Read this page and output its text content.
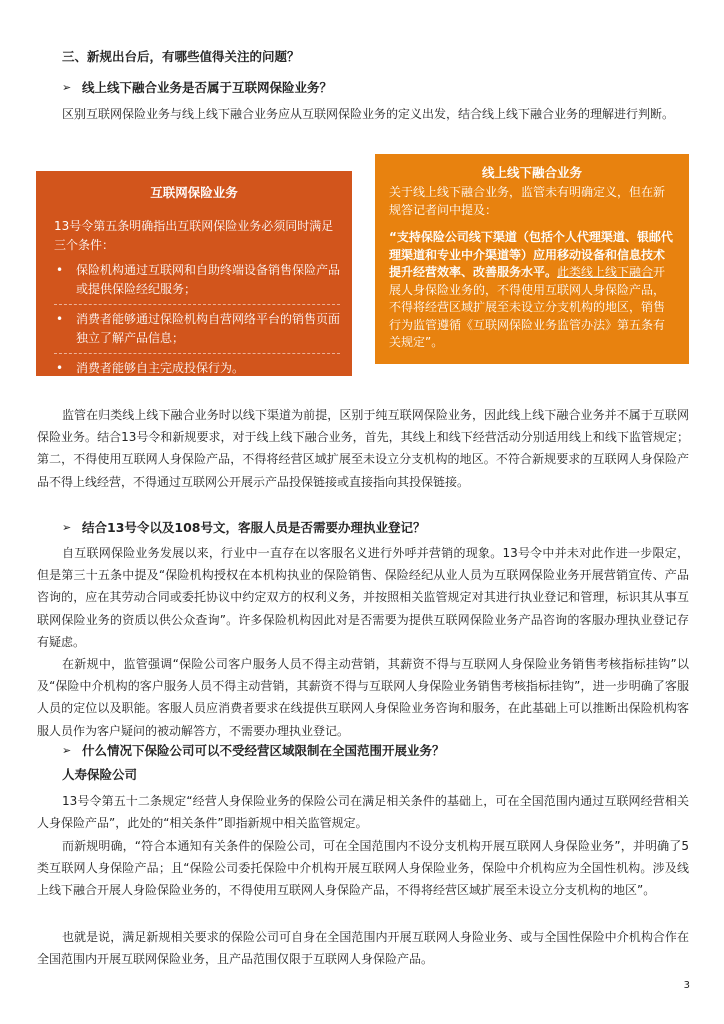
三、新规出台后，有哪些值得关注的问题？
➢ 线上线下融合业务是否属于互联网保险业务？

区别互联网保险业务与线上线下融合业务应从互联网保险业务的定义出发，结合线上线下融合业务的理解进行判断。

互联网保险业务
13号令第五条明确指出互联网保险业务必须同时满足三个条件：
• 保险机构通过互联网和自助终端设备销售保险产品或提供保险经纪服务；
• 消费者能够通过保险机构自营网络平台的销售页面独立了解产品信息；
• 消费者能够自主完成投保行为。
线上线下融合业务
关于线上线下融合业务，监管未有明确定义，但在新规答记者问中提及：
“支持保险公司线下渠道（包括个人代理渠道、银邮代理渠道和专业中介渠道等）应用移动设备和信息技术提升经营效率、改善服务水平。此类线上线下融合开展人身保险业务的，不得使用互联网人身保险产品，不得将经营区域扩展至未设立分支机构的地区，销售行为监管遵循《互联网保险业务监管办法》第五条有关规定”。

监管在归类线上线下融合业务时以线下渠道为前提，区别于纯互联网保险业务，因此线上线下融合业务并不属于互联网保险业务。结合13号令和新规要求，对于线上线下融合业务，首先，其线上和线下经营活动分别适用线上和线下监管规定；第二，不得使用互联网人身保险产品，不得将经营区域扩展至未设立分支机构的地区。不符合新规要求的互联网人身保险产品不得上线经营，不得通过互联网公开展示产品投保链接或直接指向其投保链接。

➢ 结合13号令以及108号文，客服人员是否需要办理执业登记？

自互联网保险业务发展以来，行业中一直存在以客服名义进行外呼并营销的现象。13号令中并未对此作进一步限定，但是第三十五条中提及“保险机构授权在本机构执业的保险销售、保险经纪从业人员为互联网保险业务开展营销宣传、产品咨询的，应在其劳动合同或委托协议中约定双方的权利义务，并按照相关监管规定对其进行执业登记和管理，标识其从事互联网保险业务的资质以供公众查询”。许多保险机构因此对是否需要为提供互联网保险业务产品咨询的客服办理执业登记存有疑虑。

在新规中，监管强调“保险公司客户服务人员不得主动营销，其薪资不得与互联网人身保险业务销售考核指标挂钩”以及“保险中介机构的客户服务人员不得主动营销，其薪资不得与互联网人身保险业务销售考核指标挂钩”，进一步明确了客服人员的定位以及职能。客服人员应消费者要求在线提供互联网人身保险业务咨询和服务，在此基础上可以推断出保险机构客服人员作为客户疑问的被动解答方，不需要办理执业登记。

➢ 什么情况下保险公司可以不受经营区域限制在全国范围开展业务？
人寿保险公司

13号令第五十二条规定“经营人身保险业务的保险公司在满足相关条件的基础上，可在全国范围内通过互联网经营相关人身保险产品”，此处的“相关条件”即指新规中相关监管规定。

而新规明确，“符合本通知有关条件的保险公司，可在全国范围内不设分支机构开展互联网人身保险业务”，并明确了5类互联网人身保险产品；且“保险公司委托保险中介机构开展互联网人身保险业务，保险中介机构应为全国性机构。涉及线上线下融合开展人身险保险业务的，不得使用互联网人身保险产品，不得将经营区域扩展至未设立分支机构的地区”。

也就是说，满足新规相关要求的保险公司可自身在全国范围内开展互联网人身险业务、或与全国性保险中介机构合作在全国范围内开展互联网保险业务，且产品范围仅限于互联网人身保险产品。

3
